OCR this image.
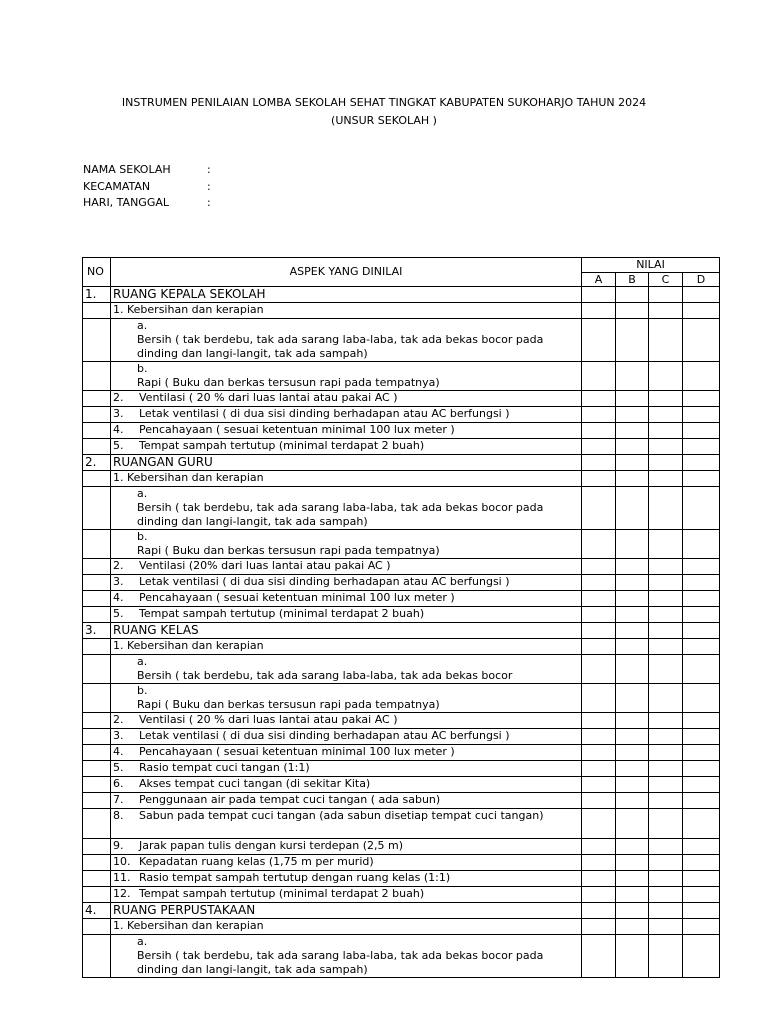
INSTRUMEN PENILAIAN LOMBA SEKOLAH SEHAT TINGKAT KABUPATEN SUKOHARJO TAHUN 2024
(UNSUR SEKOLAH )
NAMA SEKOLAH	:
KECAMATAN	:
HARI, TANGGAL	:
NO	ASPEK YANG DINILAI	NILAI			
		A	B	C	D
1.	RUANG KEPALA SEKOLAH				
	1. Kebersihan dan kerapian				
	a.Bersih ( tak berdebu, tak ada sarang laba-laba, tak ada bekas bocor pada dinding dan langi-langit, tak ada sampah)				
	b.Rapi ( Buku dan berkas tersusun rapi pada tempatnya)				
	2. Ventilasi ( 20 % dari luas lantai atau pakai AC )				
	3. Letak ventilasi ( di dua sisi dinding berhadapan atau AC berfungsi )				
	4. Pencahayaan ( sesuai ketentuan minimal 100 lux meter )				
	5. Tempat sampah tertutup (minimal terdapat 2 buah)				
2.	RUANGAN GURU				
	1. Kebersihan dan kerapian				
	a.Bersih ( tak berdebu, tak ada sarang laba-laba, tak ada bekas bocor pada dinding dan langi-langit, tak ada sampah)				
	b.Rapi ( Buku dan berkas tersusun rapi pada tempatnya)				
	2. Ventilasi (20% dari luas lantai atau pakai AC )				
	3. Letak ventilasi ( di dua sisi dinding berhadapan atau AC berfungsi )				
	4. Pencahayaan ( sesuai ketentuan minimal 100 lux meter )				
	5. Tempat sampah tertutup (minimal terdapat 2 buah)				
3.	RUANG KELAS				
	1. Kebersihan dan kerapian				
	a.Bersih ( tak berdebu, tak ada sarang laba-laba, tak ada bekas bocor				
	b.Rapi ( Buku dan berkas tersusun rapi pada tempatnya)				
	2. Ventilasi ( 20 % dari luas lantai atau pakai AC )				
	3. Letak ventilasi ( di dua sisi dinding berhadapan atau AC berfungsi )				
	4. Pencahayaan ( sesuai ketentuan minimal 100 lux meter )				
	5. Rasio tempat cuci tangan (1:1)				
	6. Akses tempat cuci tangan (di sekitar Kita)				
	7. Penggunaan air pada tempat cuci tangan ( ada sabun)				
	8. Sabun pada tempat cuci tangan (ada sabun disetiap tempat cuci tangan)				
	9. Jarak papan tulis dengan kursi terdepan (2,5 m)				
	10. Kepadatan ruang kelas (1,75 m per murid)				
	11. Rasio tempat sampah tertutup dengan ruang kelas (1:1)				
	12. Tempat sampah tertutup (minimal terdapat 2 buah)				
4.	RUANG PERPUSTAKAAN				
	1. Kebersihan dan kerapian				
	a.Bersih ( tak berdebu, tak ada sarang laba-laba, tak ada bekas bocor pada dinding dan langi-langit, tak ada sampah)				
